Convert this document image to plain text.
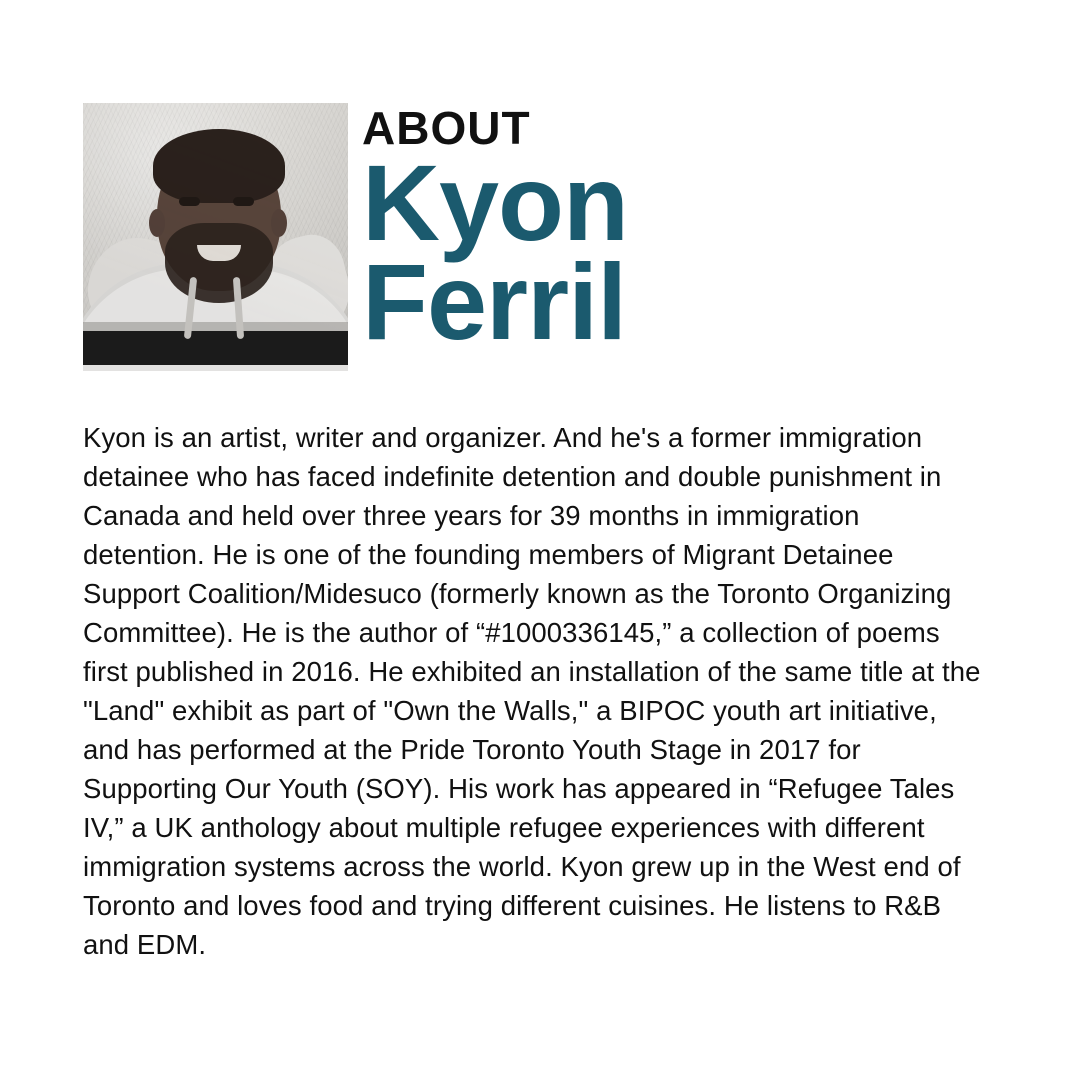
ABOUT
Kyon
Ferril

Kyon is an artist, writer and organizer. And he's a former immigration detainee who has faced indefinite detention and double punishment in Canada and held over three years for 39 months in immigration detention. He is one of the founding members of Migrant Detainee Support Coalition/Midesuco (formerly known as the Toronto Organizing Committee). He is the author of “#1000336145,” a collection of poems first published in 2016. He exhibited an installation of the same title at the "Land" exhibit as part of "Own the Walls," a BIPOC youth art initiative, and has performed at the Pride Toronto Youth Stage in 2017 for Supporting Our Youth (SOY). His work has appeared in “Refugee Tales IV,” a UK anthology about multiple refugee experiences with different immigration systems across the world. Kyon grew up in the West end of Toronto and loves food and trying different cuisines. He listens to R&B and EDM.
